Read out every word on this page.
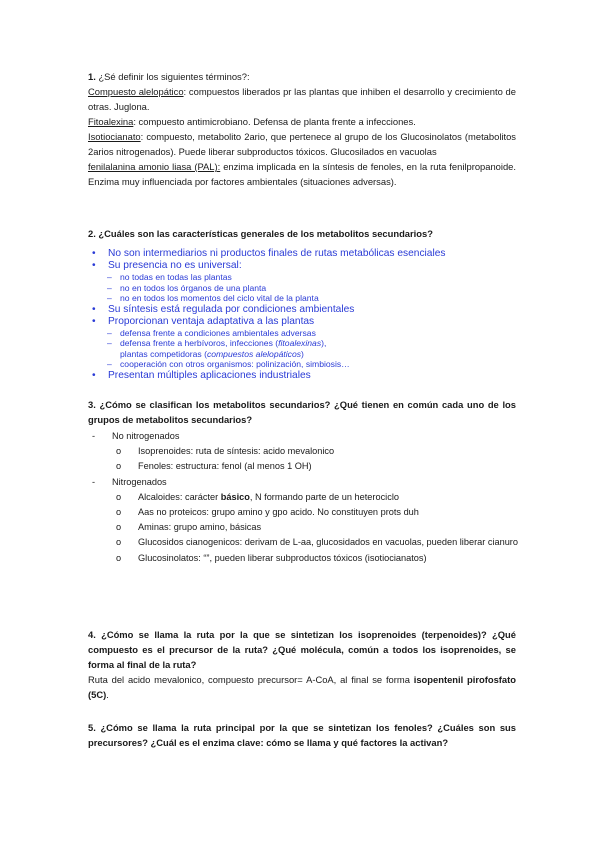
1. ¿Sé definir los siguientes términos?:

Compuesto alelopático: compuestos liberados pr las plantas que inhiben el desarrollo y crecimiento de otras. Juglona.

Fitoalexina: compuesto antimicrobiano. Defensa de planta frente a infecciones.

Isotiocianato: compuesto, metabolito 2ario, que pertenece al grupo de los Glucosinolatos (metabolitos 2arios nitrogenados). Puede liberar subproductos tóxicos. Glucosilados en vacuolas

fenilalanina amonio liasa (PAL): enzima implicada en la síntesis de fenoles, en la ruta fenilpropanoide. Enzima muy influenciada por factores ambientales (situaciones adversas).

2. ¿Cuáles son las características generales de los metabolitos secundarios?
• No son intermediarios ni productos finales de rutas metabólicas esenciales
• Su presencia no es universal:
– no todas en todas las plantas
– no en todos los órganos de una planta
– no en todos los momentos del ciclo vital de la planta
• Su síntesis está regulada por condiciones ambientales
• Proporcionan ventaja adaptativa a las plantas
– defensa frente a condiciones ambientales adversas
– defensa frente a herbívoros, infecciones (fitoalexinas),
plantas competidoras (compuestos alelopáticos)
– cooperación con otros organismos: polinización, simbiosis…
• Presentan múltiples aplicaciones industriales
3. ¿Cómo se clasifican los metabolitos secundarios? ¿Qué tienen en común cada uno de los grupos de metabolitos secundarios?
- No nitrogenados
o Isoprenoides: ruta de síntesis: acido mevalonico
o Fenoles: estructura: fenol (al menos 1 OH)
- Nitrogenados
o Alcaloides: carácter básico, N formando parte de un heterociclo
o Aas no proteicos: grupo amino y gpo acido. No constituyen prots duh
o Aminas: grupo amino, básicas
o Glucosidos cianogenicos: derivam de L-aa, glucosidados en vacuolas, pueden liberar cianuro
o Glucosinolatos: “”, pueden liberar subproductos tóxicos (isotiocianatos)

4. ¿Cómo se llama la ruta por la que se sintetizan los isoprenoides (terpenoides)? ¿Qué compuesto es el precursor de la ruta? ¿Qué molécula, común a todos los isoprenoides, se forma al final de la ruta?

Ruta del acido mevalonico, compuesto precursor= A-CoA, al final se forma isopentenil pirofosfato (5C).

5. ¿Cómo se llama la ruta principal por la que se sintetizan los fenoles? ¿Cuáles son sus precursores? ¿Cuál es el enzima clave: cómo se llama y qué factores la activan?
